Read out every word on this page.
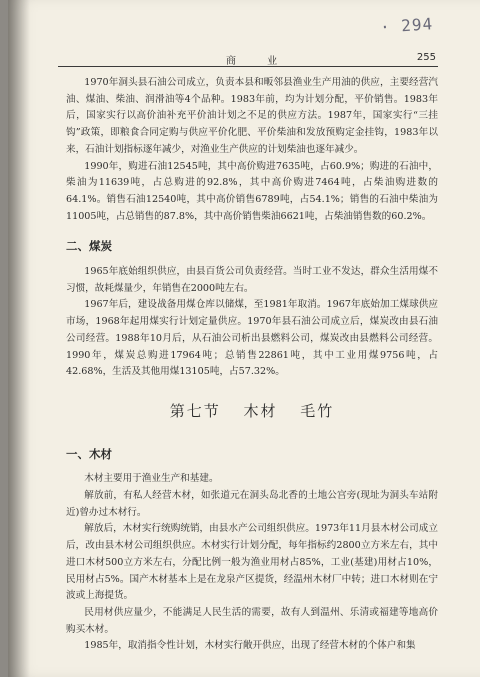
· 294
商 业	255

1970年洞头县石油公司成立，负责本县和畈邻县渔业生产用油的供应，主要经营汽油、煤油、柴油、润滑油等4个品种。1983年前，均为计划分配，平价销售。1983年后，国家实行以高价油补充平价油计划之不足的供应方法。1987年，国家实行“三挂钩”政策，即粮食合同定购与供应平价化肥、平价柴油和发放预购定金挂钩，1983年以来，石油计划指标逐年减少，对渔业生产供应的计划柴油也逐年减少。

1990年，购进石油12545吨，其中高价购进7635吨，占60.9%；购进的石油中，柴油为11639吨，占总购进的92.8%，其中高价购进7464吨，占柴油购进数的64.1%。销售石油12540吨，其中高价销售6789吨，占54.1%；销售的石油中柴油为11005吨，占总销售的87.8%，其中高价销售柴油6621吨，占柴油销售数的60.2%。

二、煤炭

1965年底始组织供应，由县百货公司负责经营。当时工业不发达，群众生活用煤不习惯，故耗煤量少，年销售在2000吨左右。

1967年后，建设战备用煤仓库以储煤，至1981年取消。1967年底始加工煤球供应市场，1968年起用煤实行计划定量供应。1970年县石油公司成立后，煤炭改由县石油公司经营。1988年10月后，从石油公司析出县燃料公司，煤炭改由县燃料公司经营。1990年，煤炭总购进17964吨；总销售22861吨，其中工业用煤9756吨，占42.68%，生活及其他用煤13105吨，占57.32%。

第七节 木材 毛竹
一、木材

木材主要用于渔业生产和基建。

解放前，有私人经营木材，如张道元在洞头岛北香的土地公宫旁(现址为洞头车站附近)曾办过木材行。

解放后，木材实行统购统销，由县水产公司组织供应。1973年11月县木材公司成立后，改由县木材公司组织供应。木材实行计划分配，每年指标约2800立方米左右，其中进口木材500立方米左右，分配比例一般为渔业用材占85%，工业(基建)用材占10%，民用材占5%。国产木材基本上是在龙泉产区提货，经温州木材厂中转；进口木材则在宁波或上海提货。

民用材供应量少，不能满足人民生活的需要，故有人到温州、乐清或福建等地高价购买木材。

1985年，取消指令性计划，木材实行敞开供应，出现了经营木材的个体户和集
